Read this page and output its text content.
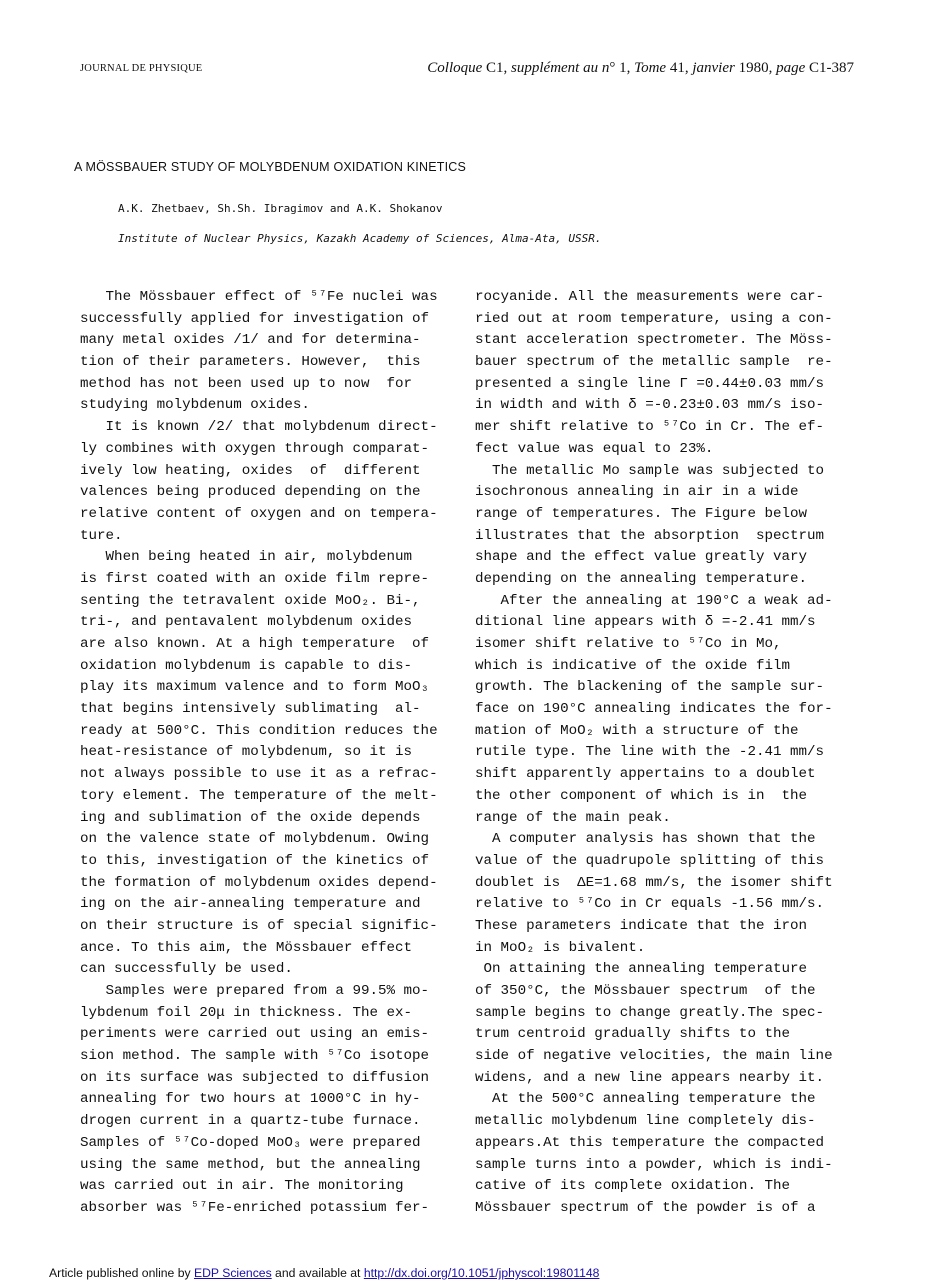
JOURNAL DE PHYSIQUE	Colloque C1, supplément au n° 1, Tome 41, janvier 1980, page C1-387
A MÖSSBAUER STUDY OF MOLYBDENUM OXIDATION KINETICS
A.K. Zhetbaev, Sh.Sh. Ibragimov and A.K. Shokanov
Institute of Nuclear Physics, Kazakh Academy of Sciences, Alma-Ata, USSR.
The Mössbauer effect of ⁵⁷Fe nuclei was
successfully applied for investigation of
many metal oxides /1/ and for determina-
tion of their parameters. However,  this
method has not been used up to now  for
studying molybdenum oxides.
It is known /2/ that molybdenum direct-
ly combines with oxygen through comparat-
ively low heating, oxides  of  different
valences being produced depending on the
relative content of oxygen and on tempera-
ture.
When being heated in air, molybdenum
is first coated with an oxide film repre-
senting the tetravalent oxide MoO₂. Bi-,
tri-, and pentavalent molybdenum oxides
are also known. At a high temperature  of
oxidation molybdenum is capable to dis-
play its maximum valence and to form MoO₃
that begins intensively sublimating  al-
ready at 500°C. This condition reduces the
heat-resistance of molybdenum, so it is
not always possible to use it as a refrac-
tory element. The temperature of the melt-
ing and sublimation of the oxide depends
on the valence state of molybdenum. Owing
to this, investigation of the kinetics of
the formation of molybdenum oxides depend-
ing on the air-annealing temperature and
on their structure is of special signific-
ance. To this aim, the Mössbauer effect
can successfully be used.
Samples were prepared from a 99.5% mo-
lybdenum foil 20μ in thickness. The ex-
periments were carried out using an emis-
sion method. The sample with ⁵⁷Co isotope
on its surface was subjected to diffusion
annealing for two hours at 1000°C in hy-
drogen current in a quartz-tube furnace.
Samples of ⁵⁷Co-doped MoO₃ were prepared
using the same method, but the annealing
was carried out in air. The monitoring
absorber was ⁵⁷Fe-enriched potassium fer-
rocyanide. All the measurements were car-
ried out at room temperature, using a con-
stant acceleration spectrometer. The Möss-
bauer spectrum of the metallic sample  re-
presented a single line Γ =0.44±0.03 mm/s
in width and with δ =-0.23±0.03 mm/s iso-
mer shift relative to ⁵⁷Co in Cr. The ef-
fect value was equal to 23%.
The metallic Mo sample was subjected to
isochronous annealing in air in a wide
range of temperatures. The Figure below
illustrates that the absorption  spectrum
shape and the effect value greatly vary
depending on the annealing temperature.
After the annealing at 190°C a weak ad-
ditional line appears with δ =-2.41 mm/s
isomer shift relative to ⁵⁷Co in Mo,
which is indicative of the oxide film
growth. The blackening of the sample sur-
face on 190°C annealing indicates the for-
mation of MoO₂ with a structure of the
rutile type. The line with the -2.41 mm/s
shift apparently appertains to a doublet
the other component of which is in  the
range of the main peak.
A computer analysis has shown that the
value of the quadrupole splitting of this
doublet is  ΔE=1.68 mm/s, the isomer shift
relative to ⁵⁷Co in Cr equals -1.56 mm/s.
These parameters indicate that the iron
in MoO₂ is bivalent.
On attaining the annealing temperature
of 350°C, the Mössbauer spectrum  of the
sample begins to change greatly.The spec-
trum centroid gradually shifts to the
side of negative velocities, the main line
widens, and a new line appears nearby it.
At the 500°C annealing temperature the
metallic molybdenum line completely dis-
appears.At this temperature the compacted
sample turns into a powder, which is indi-
cative of its complete oxidation. The
Mössbauer spectrum of the powder is of a
Article published online by EDP Sciences and available at http://dx.doi.org/10.1051/jphyscol:19801148
